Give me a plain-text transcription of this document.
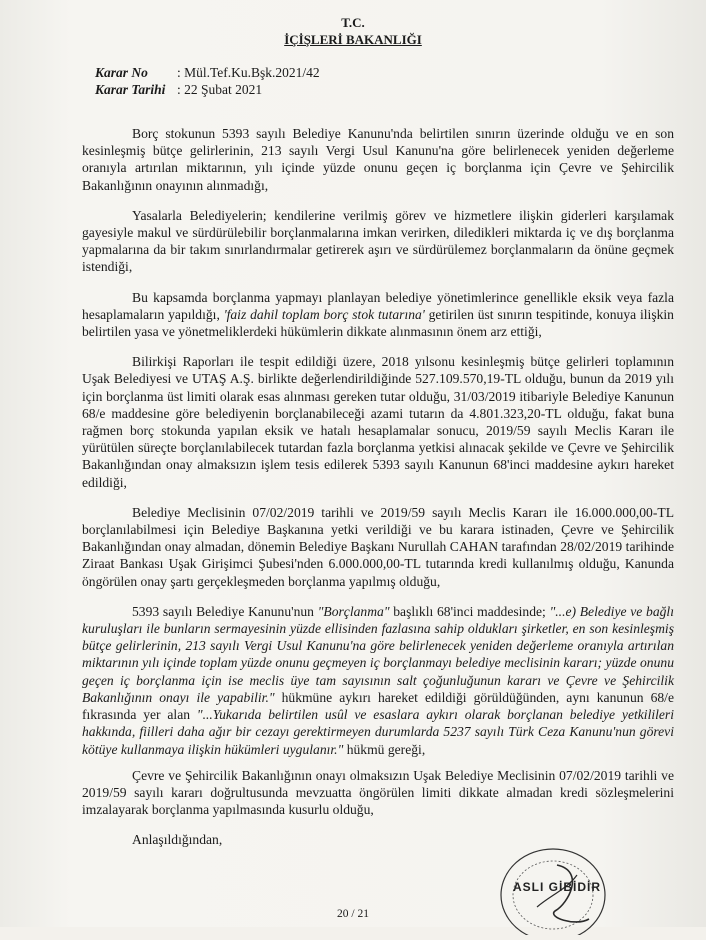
T.C.
İÇİŞLERİ BAKANLIĞI
Karar No	: Mül.Tef.Ku.Bşk.2021/42
Karar Tarihi : 22 Şubat 2021

Borç stokunun 5393 sayılı Belediye Kanunu'nda belirtilen sınırın üzerinde olduğu ve en son kesinleşmiş bütçe gelirlerinin, 213 sayılı Vergi Usul Kanunu'na göre belirlenecek yeniden değerleme oranıyla artırılan miktarının, yılı içinde yüzde onunu geçen iç borçlanma için Çevre ve Şehircilik Bakanlığının onayının alınmadığı,

Yasalarla Belediyelerin; kendilerine verilmiş görev ve hizmetlere ilişkin giderleri karşılamak gayesiyle makul ve sürdürülebilir borçlanmalarına imkan verirken, diledikleri miktarda iç ve dış borçlanma yapmalarına da bir takım sınırlandırmalar getirerek aşırı ve sürdürülemez borçlanmaların da önüne geçmek istendiği,

Bu kapsamda borçlanma yapmayı planlayan belediye yönetimlerince genellikle eksik veya fazla hesaplamaların yapıldığı, 'faiz dahil toplam borç stok tutarına' getirilen üst sınırın tespitinde, konuya ilişkin belirtilen yasa ve yönetmeliklerdeki hükümlerin dikkate alınmasının önem arz ettiği,

Bilirkişi Raporları ile tespit edildiği üzere, 2018 yılsonu kesinleşmiş bütçe gelirleri toplamının Uşak Belediyesi ve UTAŞ A.Ş. birlikte değerlendirildiğinde 527.109.570,19-TL olduğu, bunun da 2019 yılı için borçlanma üst limiti olarak esas alınması gereken tutar olduğu, 31/03/2019 itibariyle Belediye Kanunun 68/e maddesine göre belediyenin borçlanabileceği azami tutarın da 4.801.323,20-TL olduğu, fakat buna rağmen borç stokunda yapılan eksik ve hatalı hesaplamalar sonucu, 2019/59 sayılı Meclis Kararı ile yürütülen süreçte borçlanılabilecek tutardan fazla borçlanma yetkisi alınacak şekilde ve Çevre ve Şehircilik Bakanlığından onay almaksızın işlem tesis edilerek 5393 sayılı Kanunun 68'inci maddesine aykırı hareket edildiği,

Belediye Meclisinin 07/02/2019 tarihli ve 2019/59 sayılı Meclis Kararı ile 16.000.000,00-TL borçlanılabilmesi için Belediye Başkanına yetki verildiği ve bu karara istinaden, Çevre ve Şehircilik Bakanlığından onay almadan, dönemin Belediye Başkanı Nurullah CAHAN tarafından 28/02/2019 tarihinde Ziraat Bankası Uşak Girişimci Şubesi'nden 6.000.000,00-TL tutarında kredi kullanılmış olduğu, Kanunda öngörülen onay şartı gerçekleşmeden borçlanma yapılmış olduğu,

5393 sayılı Belediye Kanunu'nun "Borçlanma" başlıklı 68'inci maddesinde; "...e) Belediye ve bağlı kuruluşları ile bunların sermayesinin yüzde ellisinden fazlasına sahip oldukları şirketler, en son kesinleşmiş bütçe gelirlerinin, 213 sayılı Vergi Usul Kanunu'na göre belirlenecek yeniden değerleme oranıyla artırılan miktarının yılı içinde toplam yüzde onunu geçmeyen iç borçlanmayı belediye meclisinin kararı; yüzde onunu geçen iç borçlanma için ise meclis üye tam sayısının salt çoğunluğunun kararı ve Çevre ve Şehircilik Bakanlığının onayı ile yapabilir." hükmüne aykırı hareket edildiği görüldüğünden, aynı kanunun 68/e fıkrasında yer alan "...Yukarıda belirtilen usûl ve esaslara aykırı olarak borçlanan belediye yetkilileri hakkında, fiilleri daha ağır bir cezayı gerektirmeyen durumlarda 5237 sayılı Türk Ceza Kanunu'nun görevi kötüye kullanmaya ilişkin hükümleri uygulanır." hükmü gereği,

Çevre ve Şehircilik Bakanlığının onayı olmaksızın Uşak Belediye Meclisinin 07/02/2019 tarihli ve 2019/59 sayılı kararı doğrultusunda mevzuatta öngörülen limiti dikkate almadan kredi sözleşmelerini imzalayarak borçlanma yapılmasında kusurlu olduğu,

Anlaşıldığından,

ASLI GİBİDİR
20 / 21
